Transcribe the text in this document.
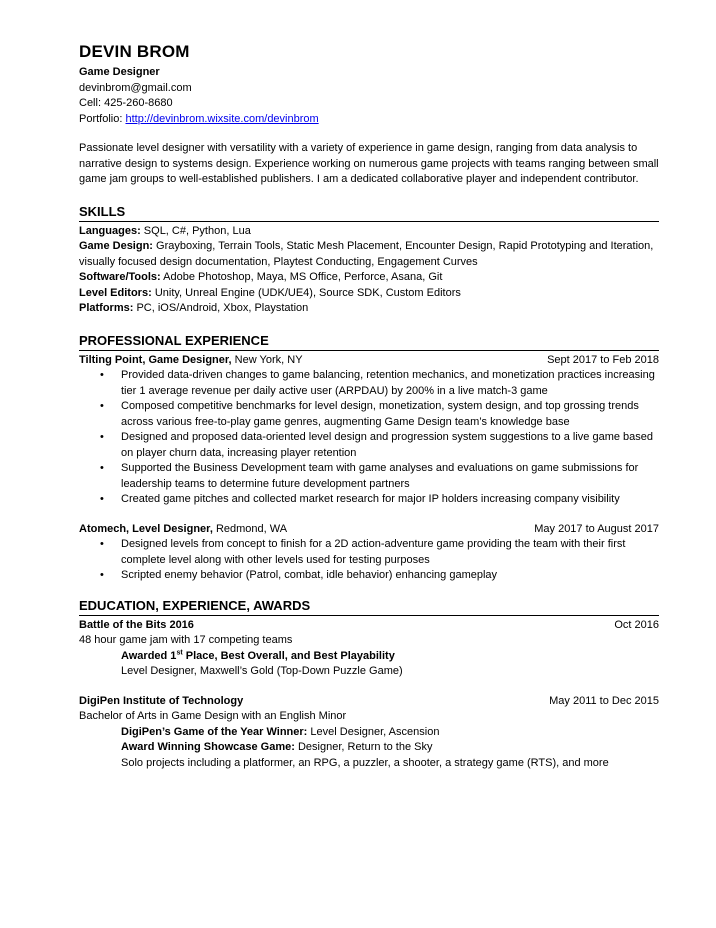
DEVIN BROM
Game Designer
devinbrom@gmail.com
Cell: 425-260-8680
Portfolio: http://devinbrom.wixsite.com/devinbrom
Passionate level designer with versatility with a variety of experience in game design, ranging from data analysis to narrative design to systems design. Experience working on numerous game projects with teams ranging between small game jam groups to well-established publishers. I am a dedicated collaborative player and independent contributor.
SKILLS
Languages: SQL, C#, Python, Lua
Game Design: Grayboxing, Terrain Tools, Static Mesh Placement, Encounter Design, Rapid Prototyping and Iteration, visually focused design documentation, Playtest Conducting, Engagement Curves
Software/Tools: Adobe Photoshop, Maya, MS Office, Perforce, Asana, Git
Level Editors: Unity, Unreal Engine (UDK/UE4), Source SDK, Custom Editors
Platforms: PC, iOS/Android, Xbox, Playstation
PROFESSIONAL EXPERIENCE
Tilting Point, Game Designer, New York, NY	Sept 2017 to Feb 2018
• Provided data-driven changes to game balancing, retention mechanics, and monetization practices increasing tier 1 average revenue per daily active user (ARPDAU) by 200% in a live match-3 game
• Composed competitive benchmarks for level design, monetization, system design, and top grossing trends across various free-to-play game genres, augmenting Game Design team’s knowledge base
• Designed and proposed data-oriented level design and progression system suggestions to a live game based on player churn data, increasing player retention
• Supported the Business Development team with game analyses and evaluations on game submissions for leadership teams to determine future development partners
• Created game pitches and collected market research for major IP holders increasing company visibility
Atomech, Level Designer, Redmond, WA	May 2017 to August 2017
• Designed levels from concept to finish for a 2D action-adventure game providing the team with their first complete level along with other levels used for testing purposes
• Scripted enemy behavior (Patrol, combat, idle behavior) enhancing gameplay
EDUCATION, EXPERIENCE, AWARDS
Battle of the Bits 2016	Oct 2016
48 hour game jam with 17 competing teams
Awarded 1st Place, Best Overall, and Best Playability
Level Designer, Maxwell’s Gold (Top-Down Puzzle Game)
DigiPen Institute of Technology	May 2011 to Dec 2015
Bachelor of Arts in Game Design with an English Minor
DigiPen’s Game of the Year Winner: Level Designer, Ascension
Award Winning Showcase Game: Designer, Return to the Sky
Solo projects including a platformer, an RPG, a puzzler, a shooter, a strategy game (RTS), and more
